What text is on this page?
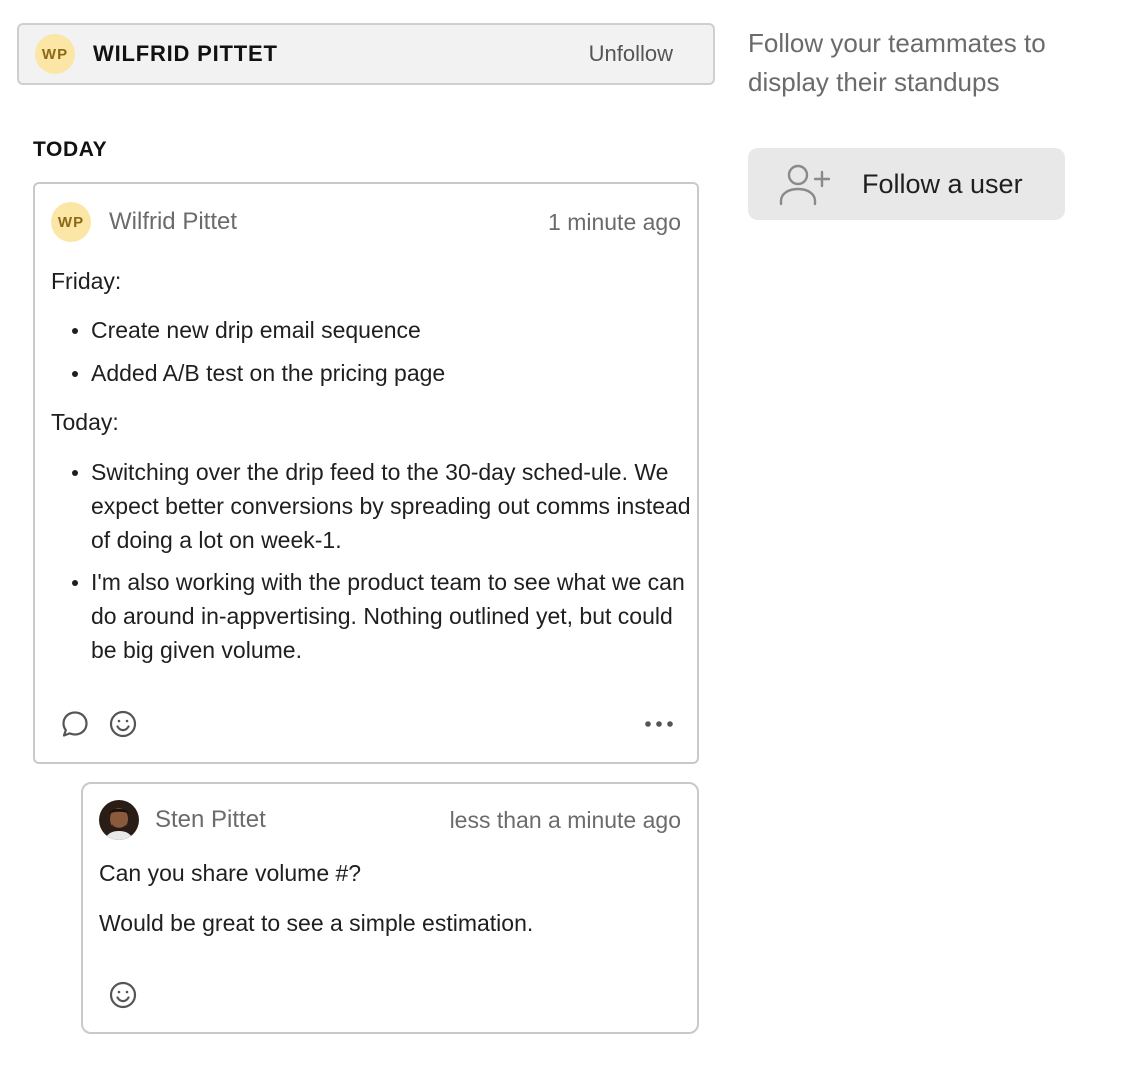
WP	WILFRID PITTET	Unfollow
TODAY
WP Wilfrid Pittet	1 minute ago

Friday:

Create new drip email sequence
Added A/B test on the pricing page

Today:

Switching over the drip feed to the 30-day sched-ule. We expect better conversions by spreading out comms instead of doing a lot on week-1.
I'm also working with the product team to see what we can do around in-appvertising. Nothing outlined yet, but could be big given volume.
Sten Pittet	less than a minute ago

Can you share volume #?

Would be great to see a simple estimation.

Follow your teammates to display their standups
Follow a user
